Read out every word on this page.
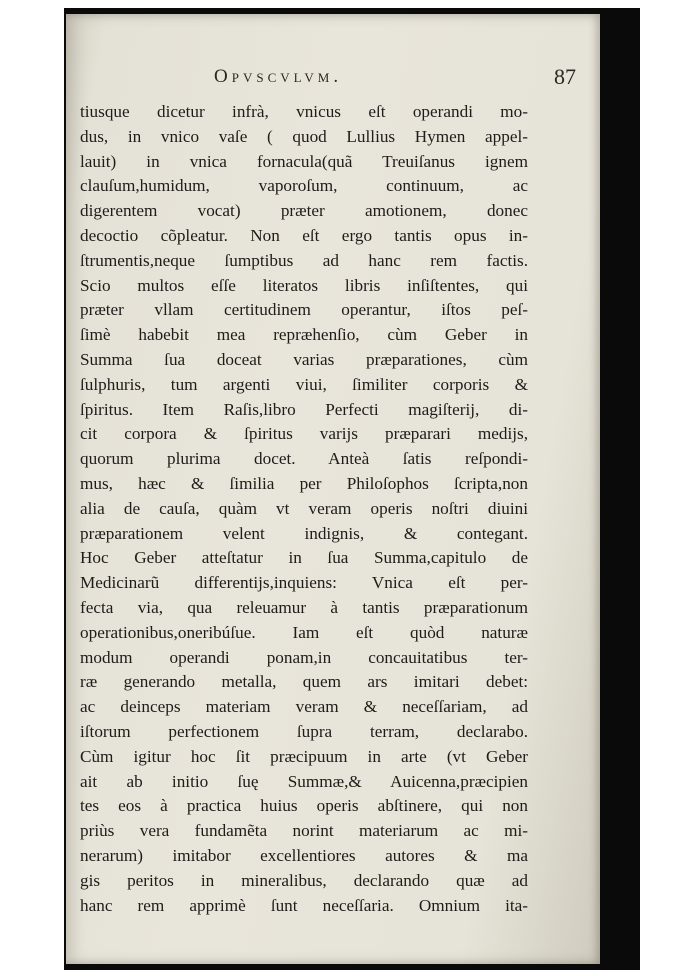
Opvscvlvm.	87
tiusque dicetur infrà, vnicus eſt operandi mo-
dus, in vnico vaſe ( quod Lullius Hymen appel-
lauit) in vnica fornacula(quã Treuiſanus ignem
clauſum,humidum, vaporoſum, continuum, ac
digerentem vocat) præter amotionem, donec
decoctio cõpleatur. Non eſt ergo tantis opus in-
ſtrumentis,neque ſumptibus ad hanc rem factis.
Scio multos eſſe literatos libris inſiſtentes, qui
præter vllam certitudinem operantur, iſtos peſ-
ſimè habebit mea repræhenſio, cùm Geber in
Summa ſua doceat varias præparationes, cùm
ſulphuris, tum argenti viui, ſimiliter corporis &
ſpiritus. Item Raſis,libro Perfecti magiſterij, di-
cit corpora & ſpiritus varijs præparari medijs,
quorum plurima docet. Anteà ſatis reſpondi-
mus, hæc & ſimilia per Philoſophos ſcripta,non
alia de cauſa, quàm vt veram operis noſtri diuini
præparationem velent indignis, & contegant.
Hoc Geber atteſtatur in ſua Summa,capitulo de
Medicinarũ differentijs,inquiens: Vnica eſt per-
fecta via, qua releuamur à tantis præparationum
operationibus,oneribúſue. Iam eſt quòd naturæ
modum operandi ponam,in concauitatibus ter-
ræ generando metalla, quem ars imitari debet:
ac deinceps materiam veram & neceſſariam, ad
iſtorum perfectionem ſupra terram, declarabo.
Cùm igitur hoc ſit præcipuum in arte (vt Geber
ait ab initio ſuę Summæ,& Auicenna,præcipien
tes eos à practica huius operis abſtinere, qui non
priùs vera fundamẽta norint materiarum ac mi-
nerarum) imitabor excellentiores autores & ma
gis peritos in mineralibus, declarando quæ ad
hanc rem apprimè ſunt neceſſaria. Omnium ita-
